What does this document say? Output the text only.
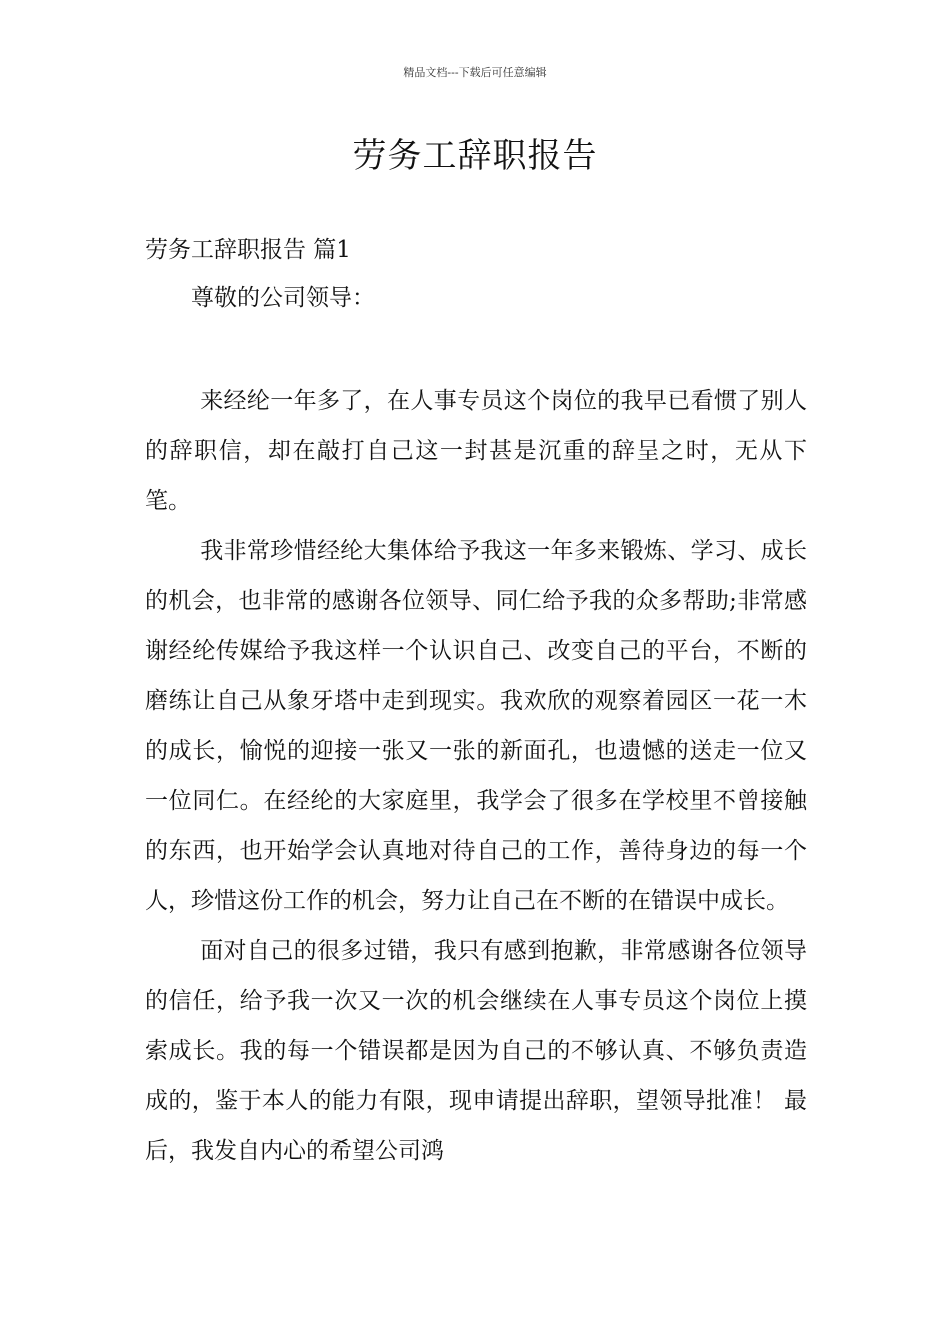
精品文档---下载后可任意编辑
劳务工辞职报告

劳务工辞职报告 篇1

尊敬的公司领导：

来经纶一年多了，在人事专员这个岗位的我早已看惯了别人的辞职信，却在敲打自己这一封甚是沉重的辞呈之时，无从下笔。

我非常珍惜经纶大集体给予我这一年多来锻炼、学习、成长的机会，也非常的感谢各位领导、同仁给予我的众多帮助;非常感谢经纶传媒给予我这样一个认识自己、改变自己的平台，不断的磨练让自己从象牙塔中走到现实。我欢欣的观察着园区一花一木的成长，愉悦的迎接一张又一张的新面孔，也遗憾的送走一位又一位同仁。在经纶的大家庭里，我学会了很多在学校里不曾接触的东西，也开始学会认真地对待自己的工作，善待身边的每一个人，珍惜这份工作的机会，努力让自己在不断的在错误中成长。

面对自己的很多过错，我只有感到抱歉，非常感谢各位领导的信任，给予我一次又一次的机会继续在人事专员这个岗位上摸索成长。我的每一个错误都是因为自己的不够认真、不够负责造成的，鉴于本人的能力有限，现申请提出辞职，望领导批准！ 最后，我发自内心的希望公司鸿
